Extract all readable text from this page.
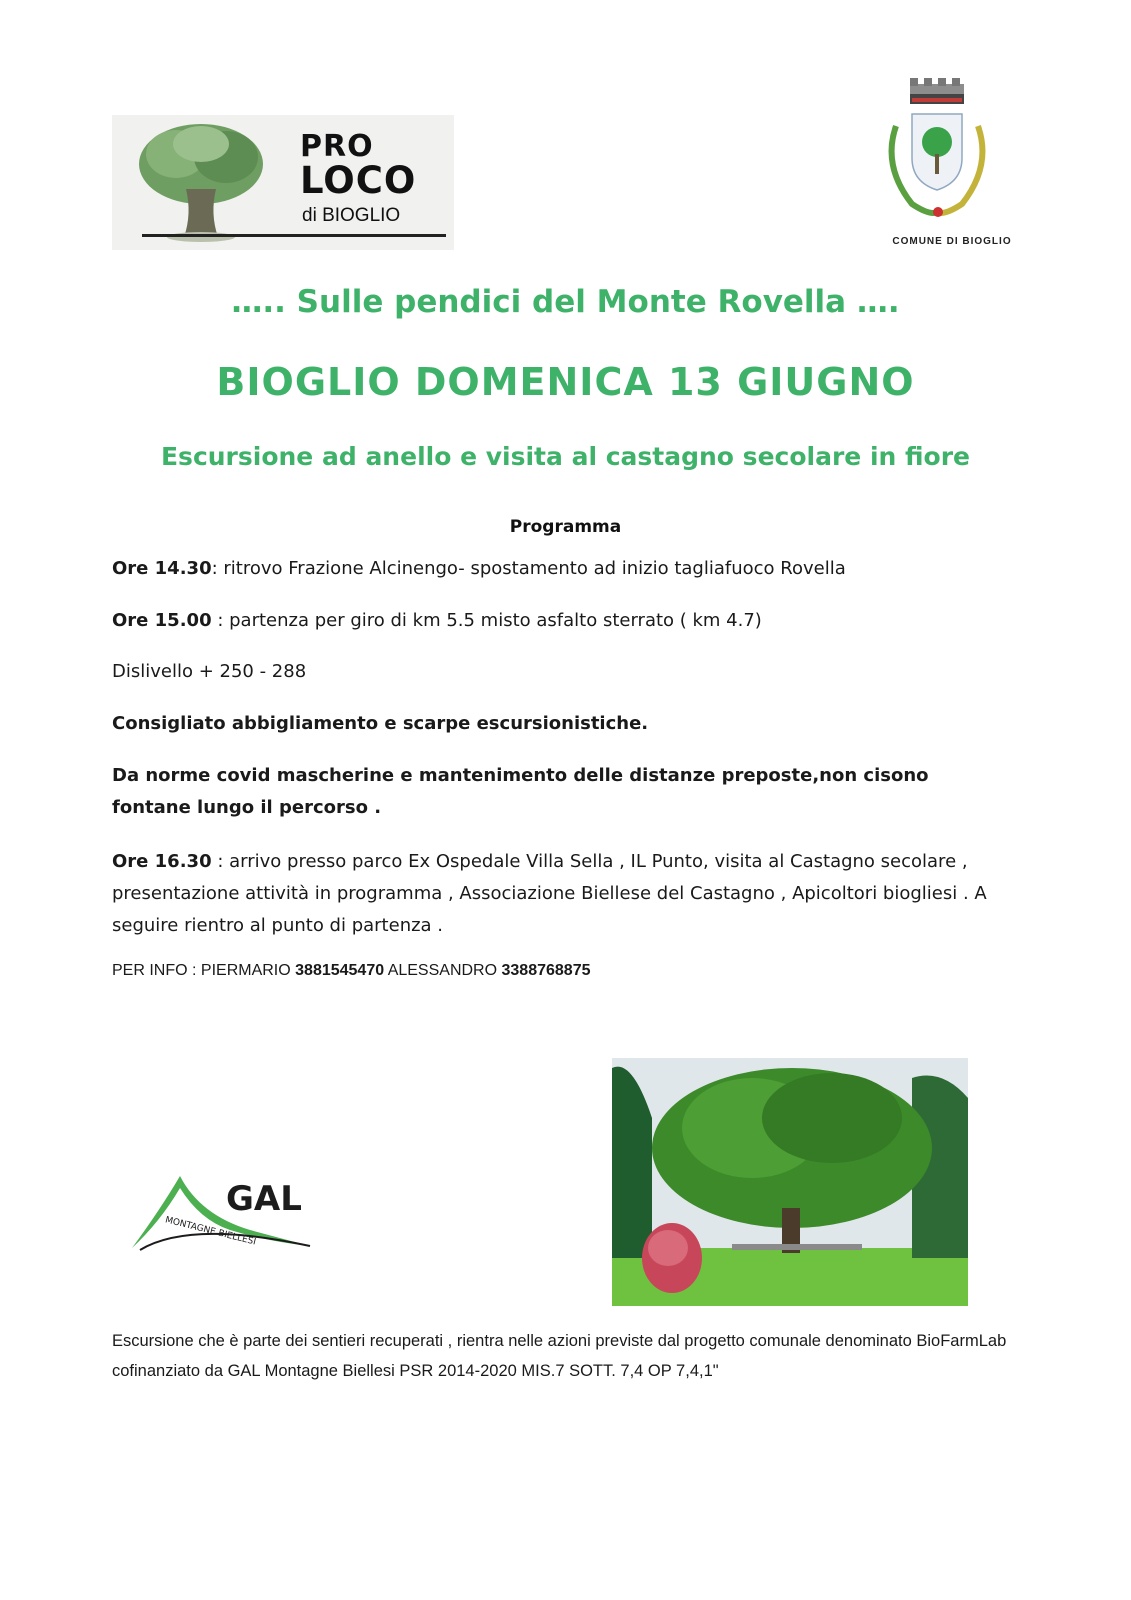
PRO
LOCO
di BIOGLIO
COMUNE DI BIOGLIO
….. Sulle pendici del Monte Rovella ….
BIOGLIO DOMENICA 13 GIUGNO
Escursione ad anello e visita al castagno secolare in fiore
Programma
Ore 14.30: ritrovo Frazione Alcinengo- spostamento ad inizio tagliafuoco Rovella
Ore 15.00 : partenza per giro di km 5.5 misto asfalto sterrato ( km 4.7)
Dislivello + 250 - 288
Consigliato abbigliamento e scarpe escursionistiche.
Da norme covid mascherine e mantenimento delle distanze preposte,non cisono fontane lungo il percorso .
Ore 16.30 : arrivo presso parco Ex Ospedale Villa Sella , IL Punto, visita al Castagno secolare , presentazione attività in programma , Associazione Biellese del Castagno , Apicoltori biogliesi . A seguire rientro al punto di partenza .
PER INFO : PIERMARIO 3881545470 ALESSANDRO 3388768875
GAL
MONTAGNE BIELLESI
Escursione che è parte dei sentieri recuperati , rientra nelle azioni previste dal progetto comunale denominato BioFarmLab cofinanziato da GAL Montagne Biellesi PSR 2014-2020 MIS.7 SOTT. 7,4 OP 7,4,1"
